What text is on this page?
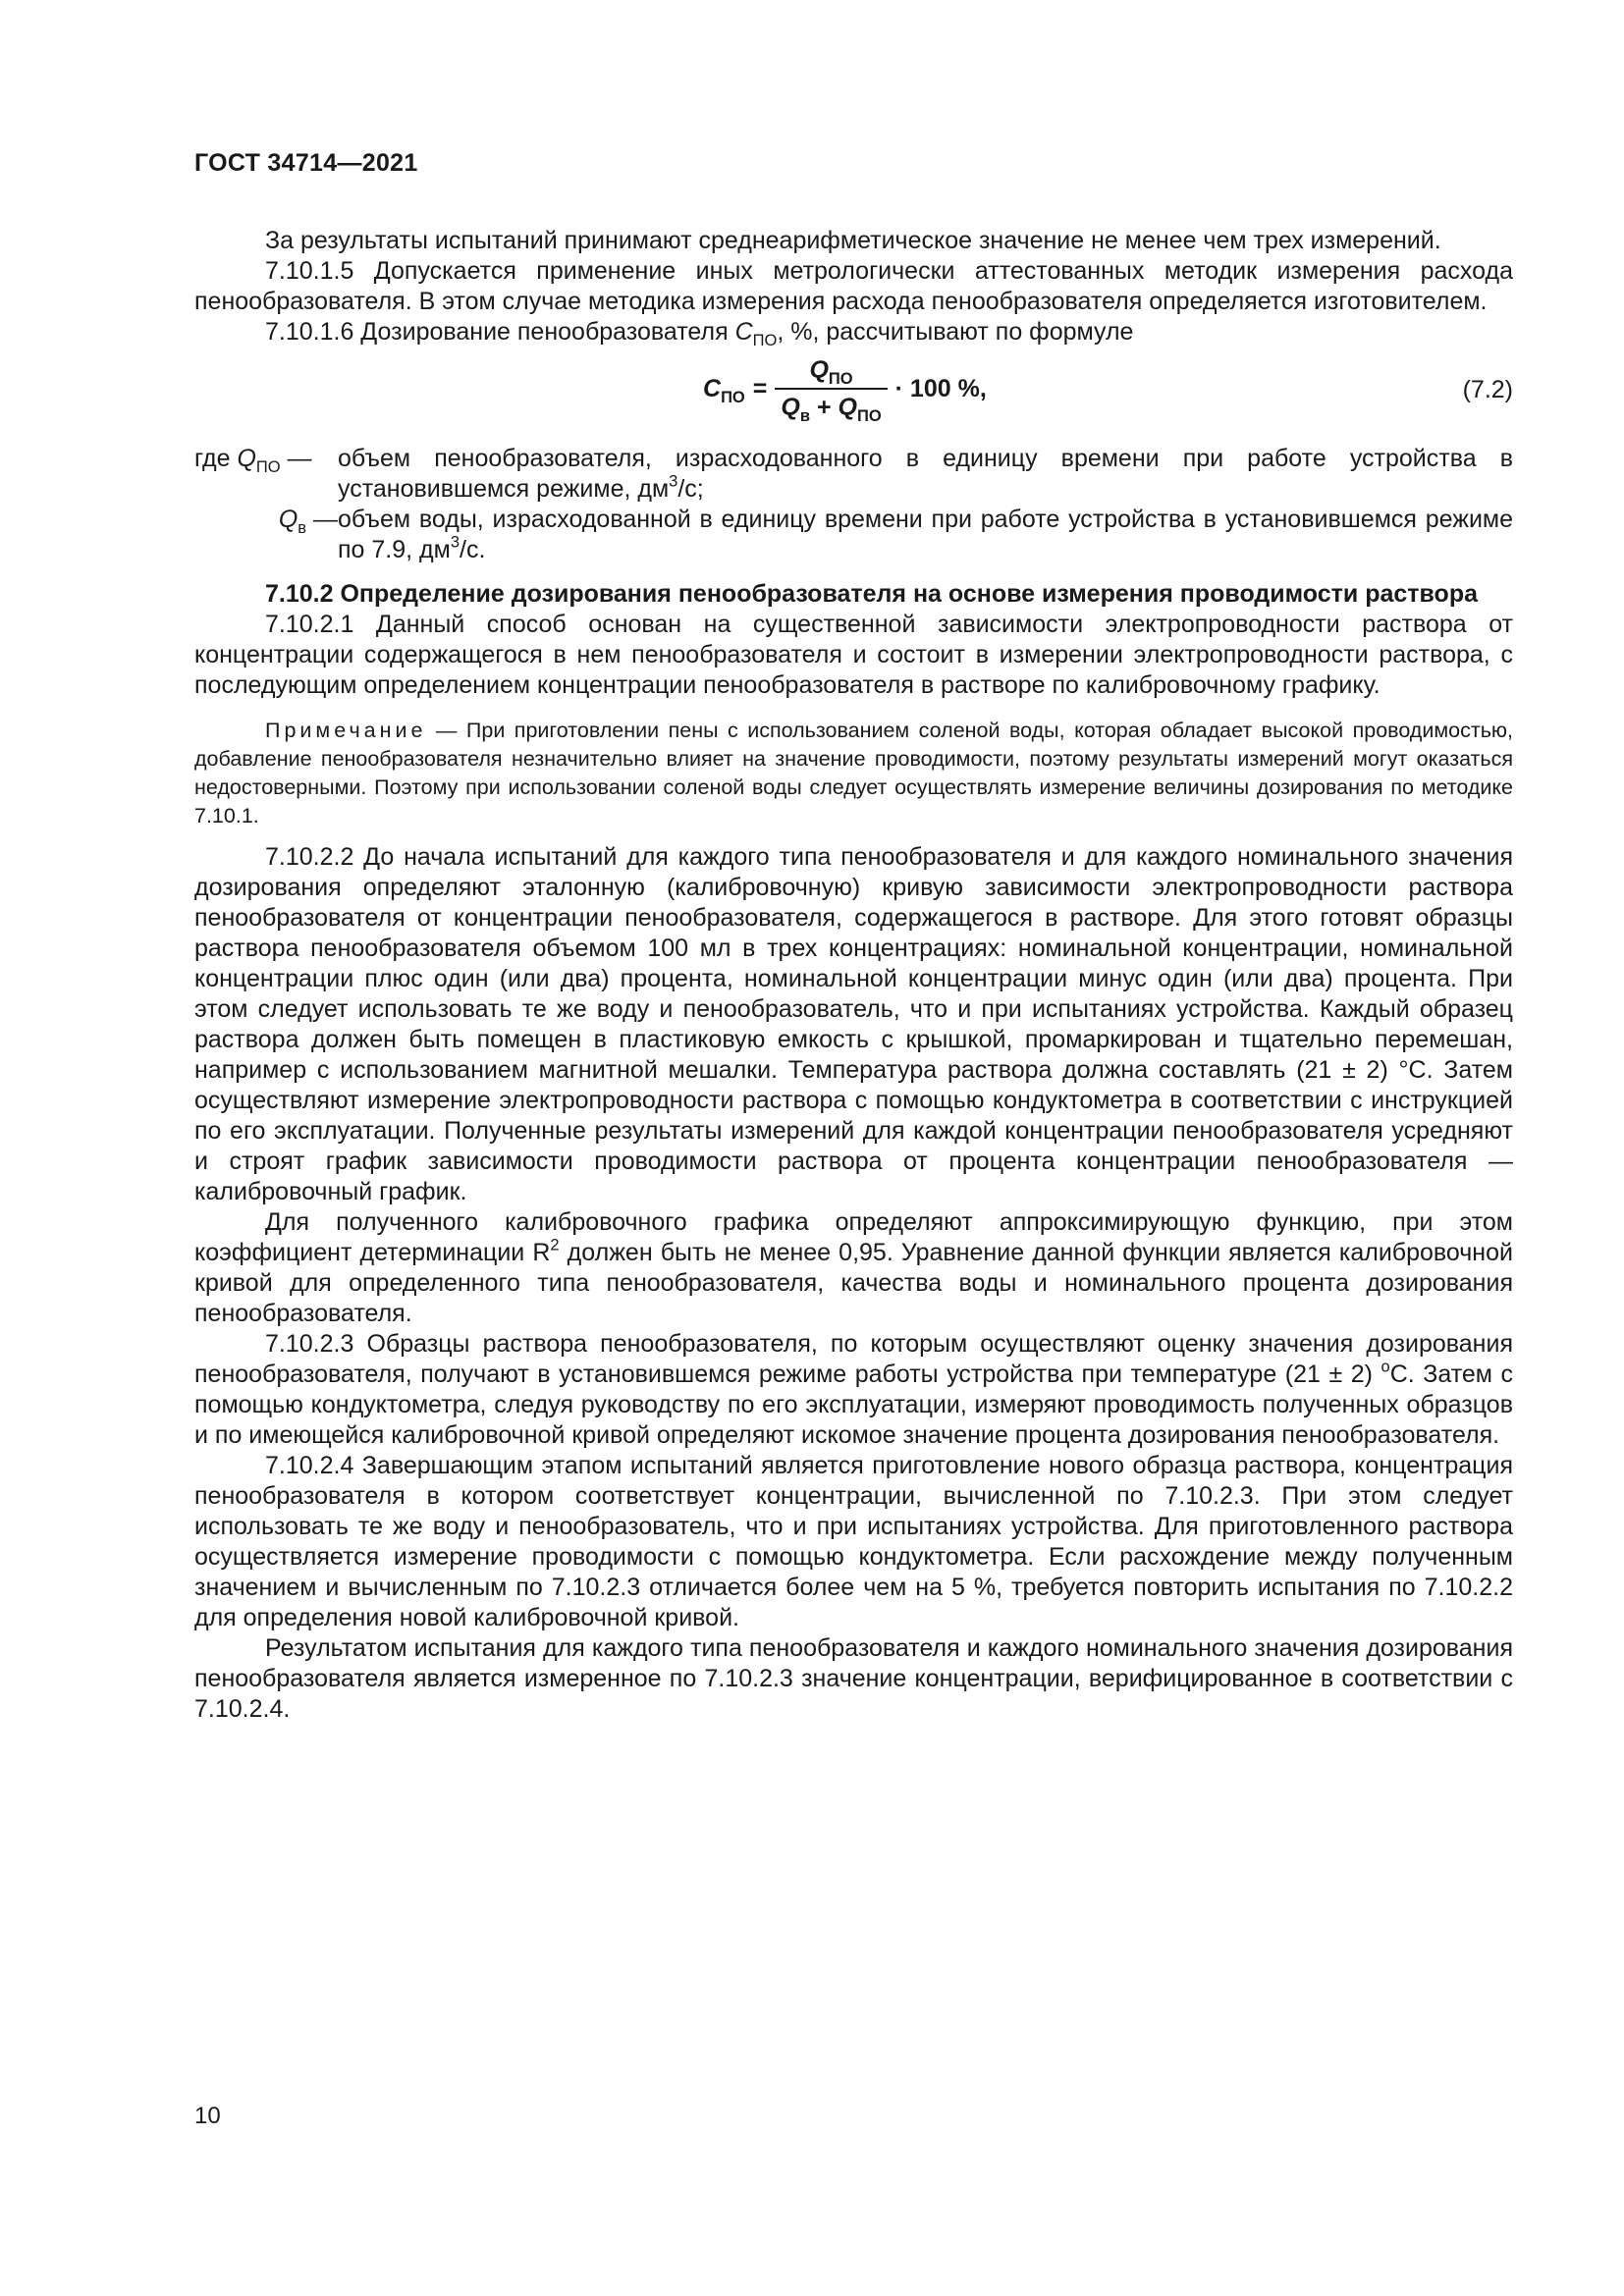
ГОСТ 34714—2021

За результаты испытаний принимают среднеарифметическое значение не менее чем трех измерений.

7.10.1.5 Допускается применение иных метрологически аттестованных методик измерения расхода пенообразователя. В этом случае методика измерения расхода пенообразователя определяется изготовителем.

7.10.1.6 Дозирование пенообразователя $C_{ПО}$, %, рассчитывают по формуле

$C_{ПО} = \frac{Q_{ПО}}{Q_в + Q_{ПО}} \cdot 100$ %,	(7.2)
где $Q_{ПО}$ —	объем пенообразователя, израсходованного в единицу времени при работе устройства в установившемся режиме, $дм^3/с$;
$Q_в$ — объем воды, израсходованной в единицу времени при работе устройства в установившемся режиме по 7.9, $дм^3/с$.

7.10.2 Определение дозирования пенообразователя на основе измерения проводимости раствора

7.10.2.1 Данный способ основан на существенной зависимости электропроводности раствора от концентрации содержащегося в нем пенообразователя и состоит в измерении электропроводности раствора, с последующим определением концентрации пенообразователя в растворе по калибровочному графику.

Примечание — При приготовлении пены с использованием соленой воды, которая обладает высокой проводимостью, добавление пенообразователя незначительно влияет на значение проводимости, поэтому результаты измерений могут оказаться недостоверными. Поэтому при использовании соленой воды следует осуществлять измерение величины дозирования по методике 7.10.1.

7.10.2.2 До начала испытаний для каждого типа пенообразователя и для каждого номинального значения дозирования определяют эталонную (калибровочную) кривую зависимости электропроводности раствора пенообразователя от концентрации пенообразователя, содержащегося в растворе. Для этого готовят образцы раствора пенообразователя объемом 100 мл в трех концентрациях: номинальной концентрации, номинальной концентрации плюс один (или два) процента, номинальной концентрации минус один (или два) процента. При этом следует использовать те же воду и пенообразователь, что и при испытаниях устройства. Каждый образец раствора должен быть помещен в пластиковую емкость с крышкой, промаркирован и тщательно перемешан, например с использованием магнитной мешалки. Температура раствора должна составлять (21 ± 2) °С. Затем осуществляют измерение электропроводности раствора с помощью кондуктометра в соответствии с инструкцией по его эксплуатации. Полученные результаты измерений для каждой концентрации пенообразователя усредняют и строят график зависимости проводимости раствора от процента концентрации пенообразователя — калибровочный график.

Для полученного калибровочного графика определяют аппроксимирующую функцию, при этом коэффициент детерминации $R^2$ должен быть не менее 0,95. Уравнение данной функции является калибровочной кривой для определенного типа пенообразователя, качества воды и номинального процента дозирования пенообразователя.

7.10.2.3 Образцы раствора пенообразователя, по которым осуществляют оценку значения дозирования пенообразователя, получают в установившемся режиме работы устройства при температуре (21 ± 2) $^о$С. Затем с помощью кондуктометра, следуя руководству по его эксплуатации, измеряют проводимость полученных образцов и по имеющейся калибровочной кривой определяют искомое значение процента дозирования пенообразователя.

7.10.2.4 Завершающим этапом испытаний является приготовление нового образца раствора, концентрация пенообразователя в котором соответствует концентрации, вычисленной по 7.10.2.3. При этом следует использовать те же воду и пенообразователь, что и при испытаниях устройства. Для приготовленного раствора осуществляется измерение проводимости с помощью кондуктометра. Если расхождение между полученным значением и вычисленным по 7.10.2.3 отличается более чем на 5 %, требуется повторить испытания по 7.10.2.2 для определения новой калибровочной кривой.

Результатом испытания для каждого типа пенообразователя и каждого номинального значения дозирования пенообразователя является измеренное по 7.10.2.3 значение концентрации, верифицированное в соответствии с 7.10.2.4.

10
